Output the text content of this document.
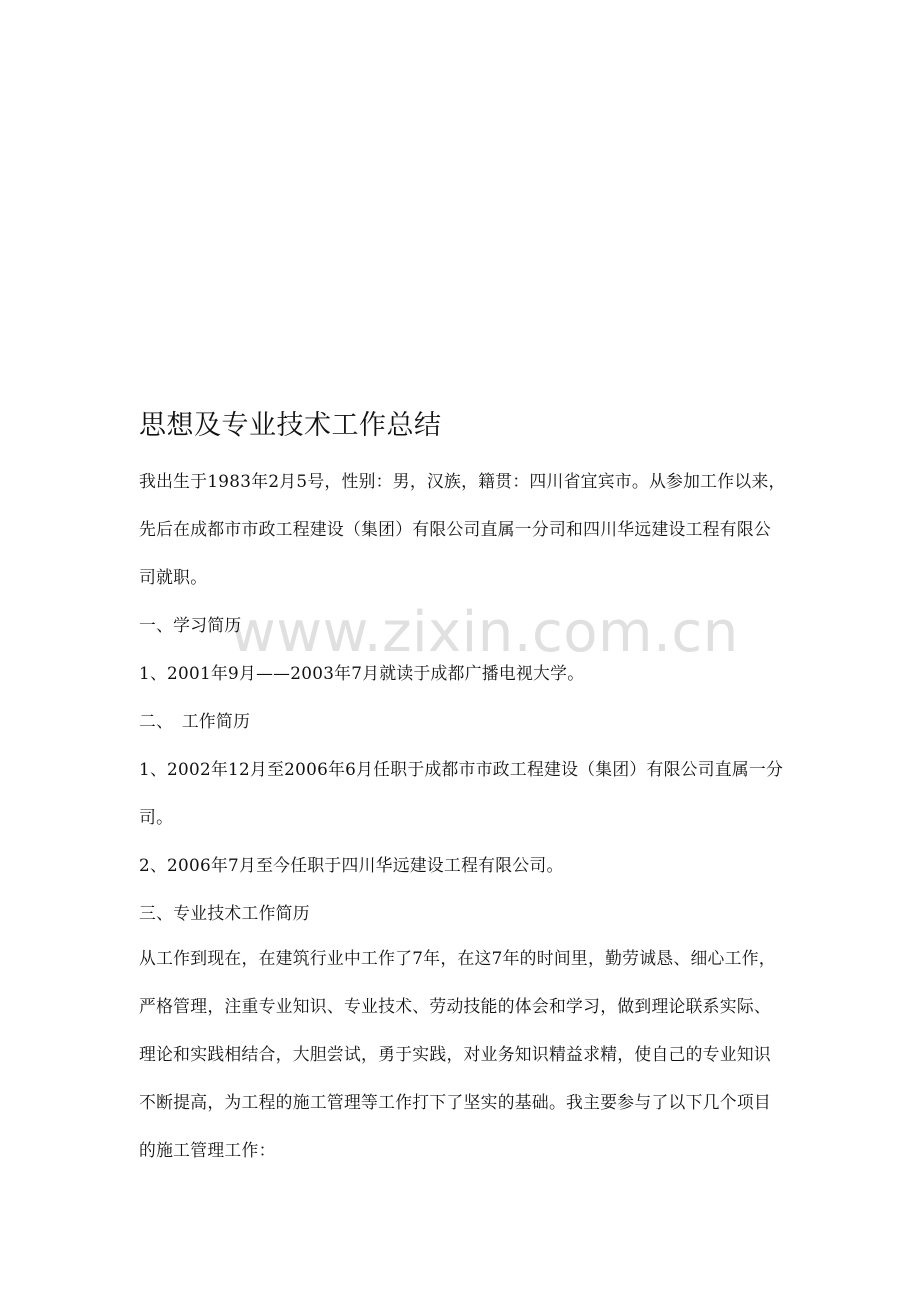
www.zixin.com.cn
思想及专业技术工作总结

我出生于1983年2月5号，性别：男，汉族，籍贯：四川省宜宾市。从参加工作以来，先后在成都市市政工程建设（集团）有限公司直属一分司和四川华远建设工程有限公司就职。

一、学习简历

1、2001年9月——2003年7月就读于成都广播电视大学。

二、　工作简历

1、2002年12月至2006年6月任职于成都市市政工程建设（集团）有限公司直属一分司。

2、2006年7月至今任职于四川华远建设工程有限公司。

三、专业技术工作简历

从工作到现在，在建筑行业中工作了7年，在这7年的时间里，勤劳诚恳、细心工作，严格管理，注重专业知识、专业技术、劳动技能的体会和学习，做到理论联系实际、理论和实践相结合，大胆尝试，勇于实践，对业务知识精益求精，使自己的专业知识不断提高，为工程的施工管理等工作打下了坚实的基础。我主要参与了以下几个项目的施工管理工作：
